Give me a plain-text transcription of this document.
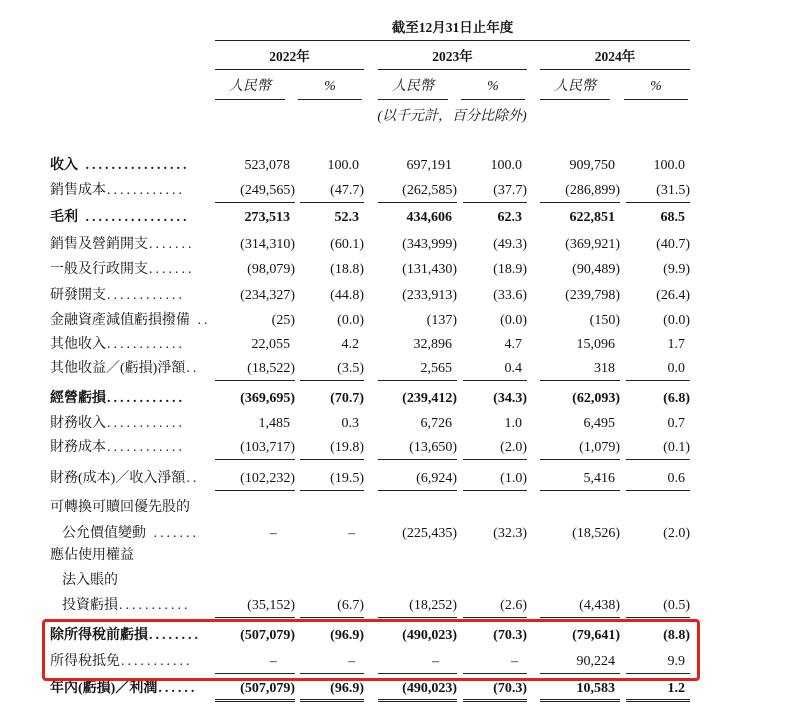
截至12月31日止年度
2022年	2023年	2024年
人民幣	%	人民幣	%	人民幣	%
(以千元計，百分比除外)
收入 ................	523,078	100.0	697,191	100.0	909,750	100.0
銷售成本............	(249,565)	(47.7)	(262,585)	(37.7)	(286,899)	(31.5)
毛利 ................	273,513	52.3	434,606	62.3	622,851	68.5
銷售及營銷開支.......	(314,310)	(60.1)	(343,999)	(49.3)	(369,921)	(40.7)
一般及行政開支.......	(98,079)	(18.8)	(131,430)	(18.9)	(90,489)	(9.9)
研發開支............	(234,327)	(44.8)	(233,913)	(33.6)	(239,798)	(26.4)
金融資產減值虧損撥備 ..	(25)	(0.0)	(137)	(0.0)	(150)	(0.0)
其他收入............	22,055	4.2	32,896	4.7	15,096	1.7
其他收益／(虧損)淨額..	(18,522)	(3.5)	2,565	0.4	318	0.0
經營虧損............	(369,695)	(70.7)	(239,412)	(34.3)	(62,093)	(6.8)
財務收入............	1,485	0.3	6,726	1.0	6,495	0.7
財務成本............	(103,717)	(19.8)	(13,650)	(2.0)	(1,079)	(0.1)
財務(成本)／收入淨額..	(102,232)	(19.5)	(6,924)	(1.0)	5,416	0.6
可轉換可贖回優先股的
公允價值變動 .......	–	–	(225,435)	(32.3)	(18,526)	(2.0)
應佔使用權益
法入賬的
投資虧損...........	(35,152)	(6.7)	(18,252)	(2.6)	(4,438)	(0.5)
除所得稅前虧損........	(507,079)	(96.9)	(490,023)	(70.3)	(79,641)	(8.8)
所得稅抵免...........	–	–	–	–	90,224	9.9
年內(虧損)／利潤......	(507,079)	(96.9)	(490,023)	(70.3)	10,583	1.2
